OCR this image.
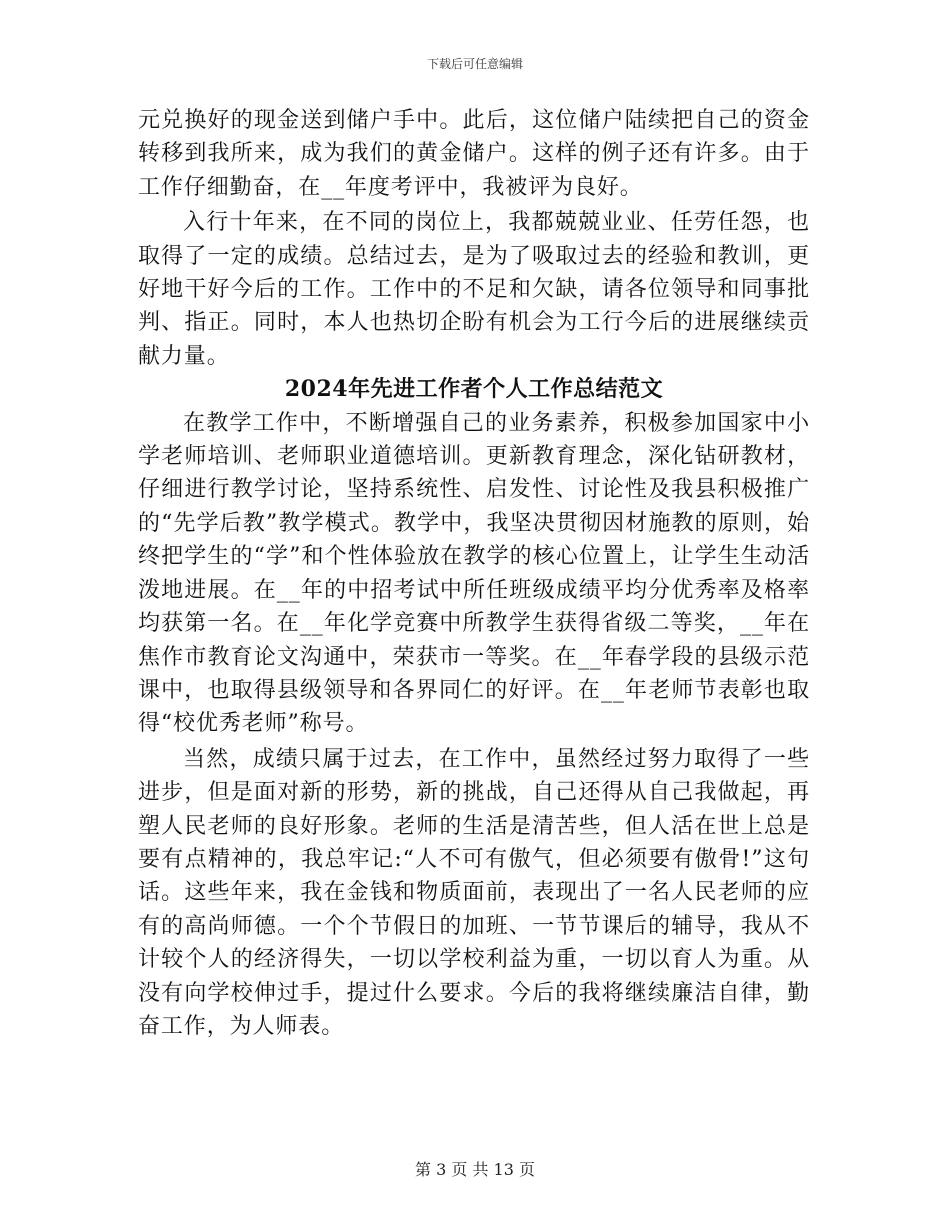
下载后可任意编辑

元兑换好的现金送到储户手中。此后，这位储户陆续把自己的资金转移到我所来，成为我们的黄金储户。这样的例子还有许多。由于工作仔细勤奋，在__年度考评中，我被评为良好。

入行十年来，在不同的岗位上，我都兢兢业业、任劳任怨，也取得了一定的成绩。总结过去，是为了吸取过去的经验和教训，更好地干好今后的工作。工作中的不足和欠缺，请各位领导和同事批判、指正。同时，本人也热切企盼有机会为工行今后的进展继续贡献力量。

2024年先进工作者个人工作总结范文

在教学工作中，不断增强自己的业务素养，积极参加国家中小学老师培训、老师职业道德培训。更新教育理念，深化钻研教材，仔细进行教学讨论，坚持系统性、启发性、讨论性及我县积极推广的“先学后教”教学模式。教学中，我坚决贯彻因材施教的原则，始终把学生的“学”和个性体验放在教学的核心位置上，让学生生动活泼地进展。在__年的中招考试中所任班级成绩平均分优秀率及格率均获第一名。在__年化学竞赛中所教学生获得省级二等奖，__年在焦作市教育论文沟通中，荣获市一等奖。在__年春学段的县级示范课中，也取得县级领导和各界同仁的好评。在__年老师节表彰也取得“校优秀老师”称号。

当然，成绩只属于过去，在工作中，虽然经过努力取得了一些进步，但是面对新的形势，新的挑战，自己还得从自己我做起，再塑人民老师的良好形象。老师的生活是清苦些，但人活在世上总是要有点精神的，我总牢记:“人不可有傲气，但必须要有傲骨!”这句话。这些年来，我在金钱和物质面前，表现出了一名人民老师的应有的高尚师德。一个个节假日的加班、一节节课后的辅导，我从不计较个人的经济得失，一切以学校利益为重，一切以育人为重。从没有向学校伸过手，提过什么要求。今后的我将继续廉洁自律，勤奋工作，为人师表。

第 3 页 共 13 页
